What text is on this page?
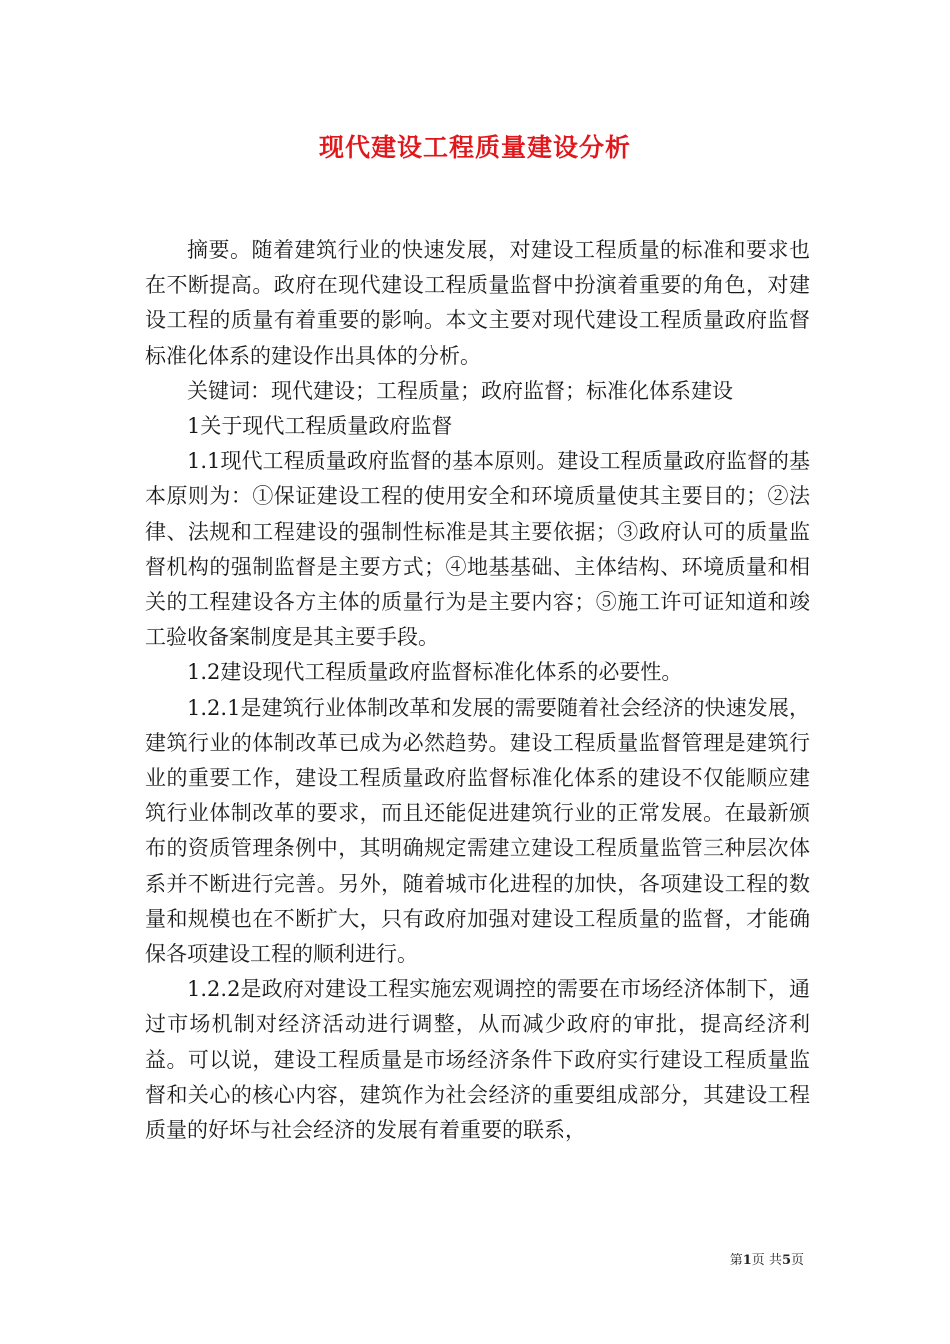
现代建设工程质量建设分析

摘要。随着建筑行业的快速发展，对建设工程质量的标准和要求也在不断提高。政府在现代建设工程质量监督中扮演着重要的角色，对建设工程的质量有着重要的影响。本文主要对现代建设工程质量政府监督标准化体系的建设作出具体的分析。

关键词：现代建设；工程质量；政府监督；标准化体系建设

1关于现代工程质量政府监督

1.1现代工程质量政府监督的基本原则。建设工程质量政府监督的基本原则为：①保证建设工程的使用安全和环境质量使其主要目的；②法律、法规和工程建设的强制性标准是其主要依据；③政府认可的质量监督机构的强制监督是主要方式；④地基基础、主体结构、环境质量和相关的工程建设各方主体的质量行为是主要内容；⑤施工许可证知道和竣工验收备案制度是其主要手段。

1.2建设现代工程质量政府监督标准化体系的必要性。

1.2.1是建筑行业体制改革和发展的需要随着社会经济的快速发展，建筑行业的体制改革已成为必然趋势。建设工程质量监督管理是建筑行业的重要工作，建设工程质量政府监督标准化体系的建设不仅能顺应建筑行业体制改革的要求，而且还能促进建筑行业的正常发展。在最新颁布的资质管理条例中，其明确规定需建立建设工程质量监管三种层次体系并不断进行完善。另外，随着城市化进程的加快，各项建设工程的数量和规模也在不断扩大，只有政府加强对建设工程质量的监督，才能确保各项建设工程的顺利进行。

1.2.2是政府对建设工程实施宏观调控的需要在市场经济体制下，通过市场机制对经济活动进行调整，从而减少政府的审批，提高经济利益。可以说，建设工程质量是市场经济条件下政府实行建设工程质量监督和关心的核心内容，建筑作为社会经济的重要组成部分，其建设工程质量的好坏与社会经济的发展有着重要的联系，

第1页 共5页
